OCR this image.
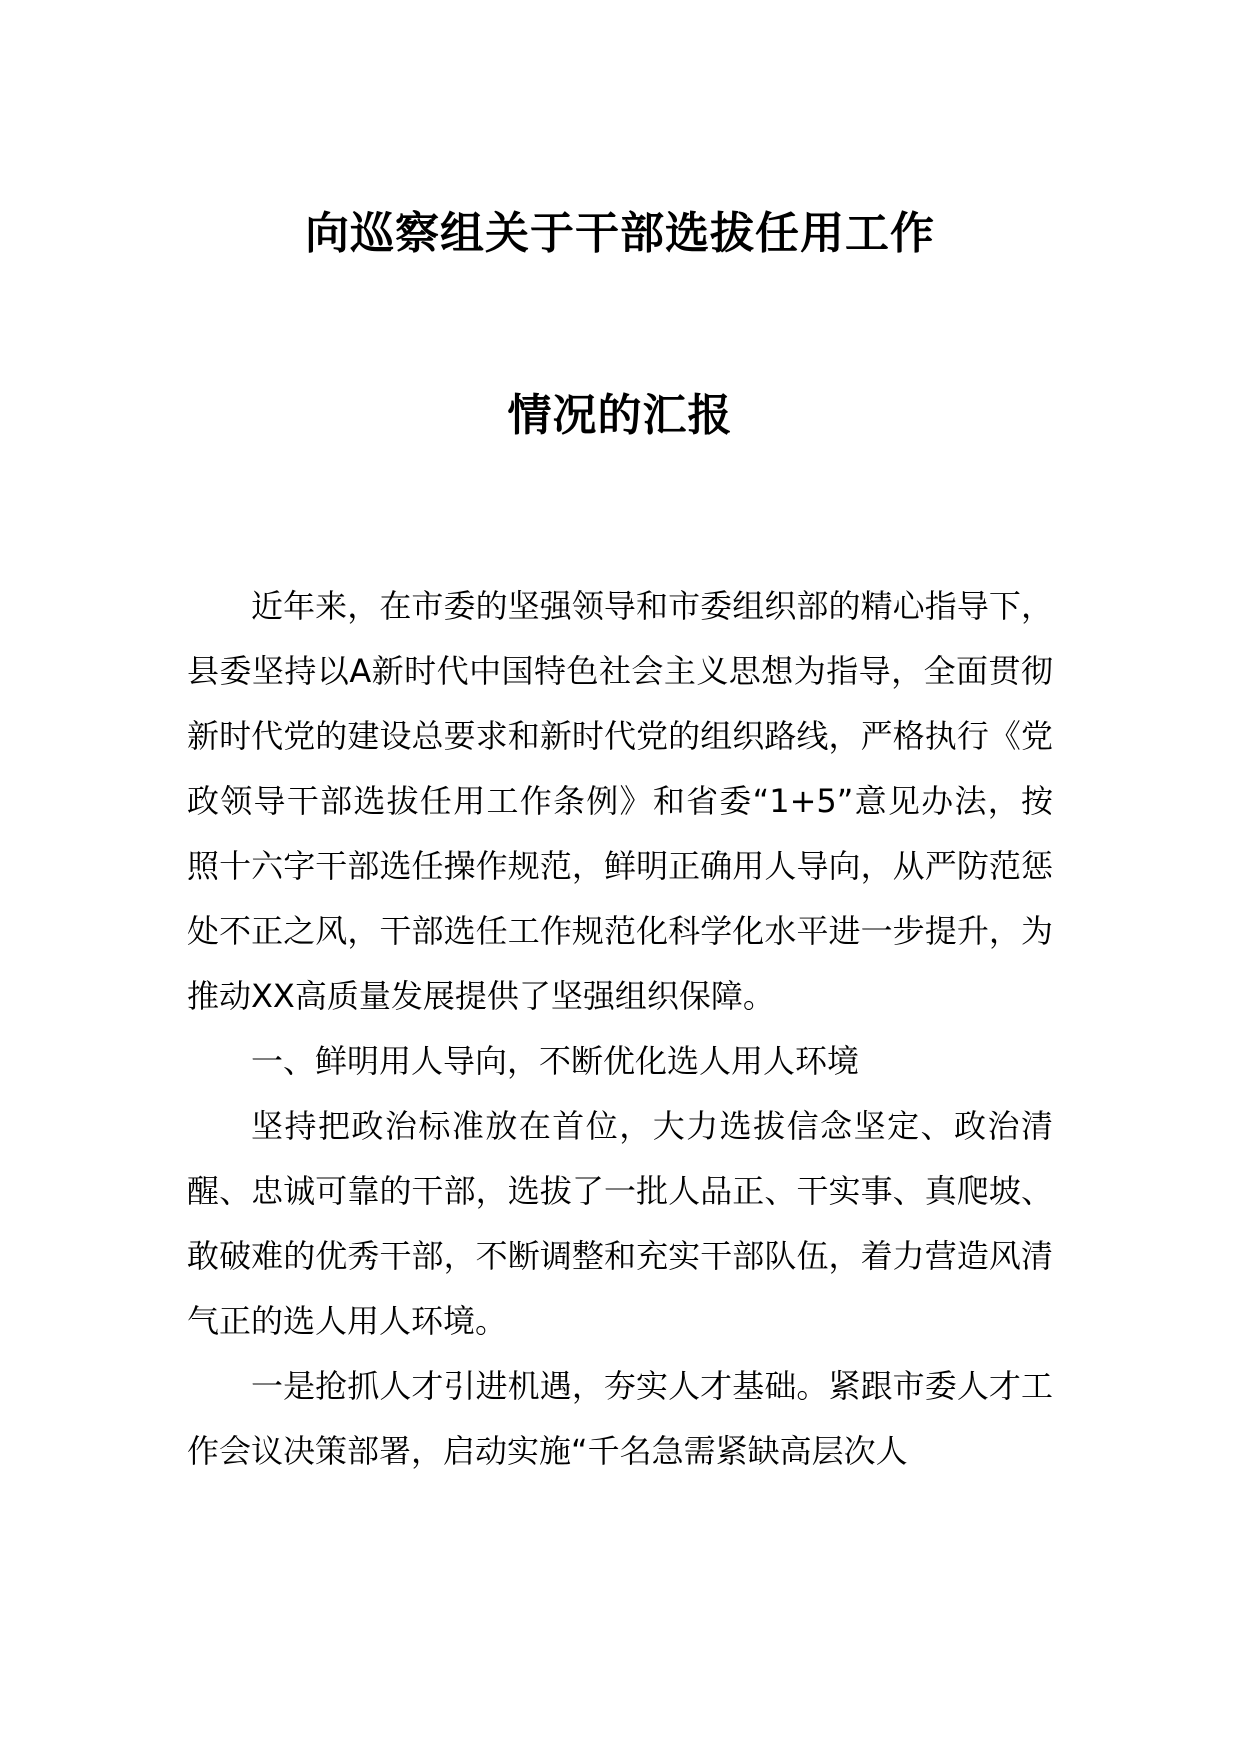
向巡察组关于干部选拔任用工作
情况的汇报

近年来，在市委的坚强领导和市委组织部的精心指导下，县委坚持以A新时代中国特色社会主义思想为指导，全面贯彻新时代党的建设总要求和新时代党的组织路线，严格执行《党政领导干部选拔任用工作条例》和省委“1+5”意见办法，按照十六字干部选任操作规范，鲜明正确用人导向，从严防范惩处不正之风，干部选任工作规范化科学化水平进一步提升，为推动XX高质量发展提供了坚强组织保障。

一、鲜明用人导向，不断优化选人用人环境

坚持把政治标准放在首位，大力选拔信念坚定、政治清醒、忠诚可靠的干部，选拔了一批人品正、干实事、真爬坡、敢破难的优秀干部，不断调整和充实干部队伍，着力营造风清气正的选人用人环境。

一是抢抓人才引进机遇，夯实人才基础。紧跟市委人才工作会议决策部署，启动实施“千名急需紧缺高层次人
